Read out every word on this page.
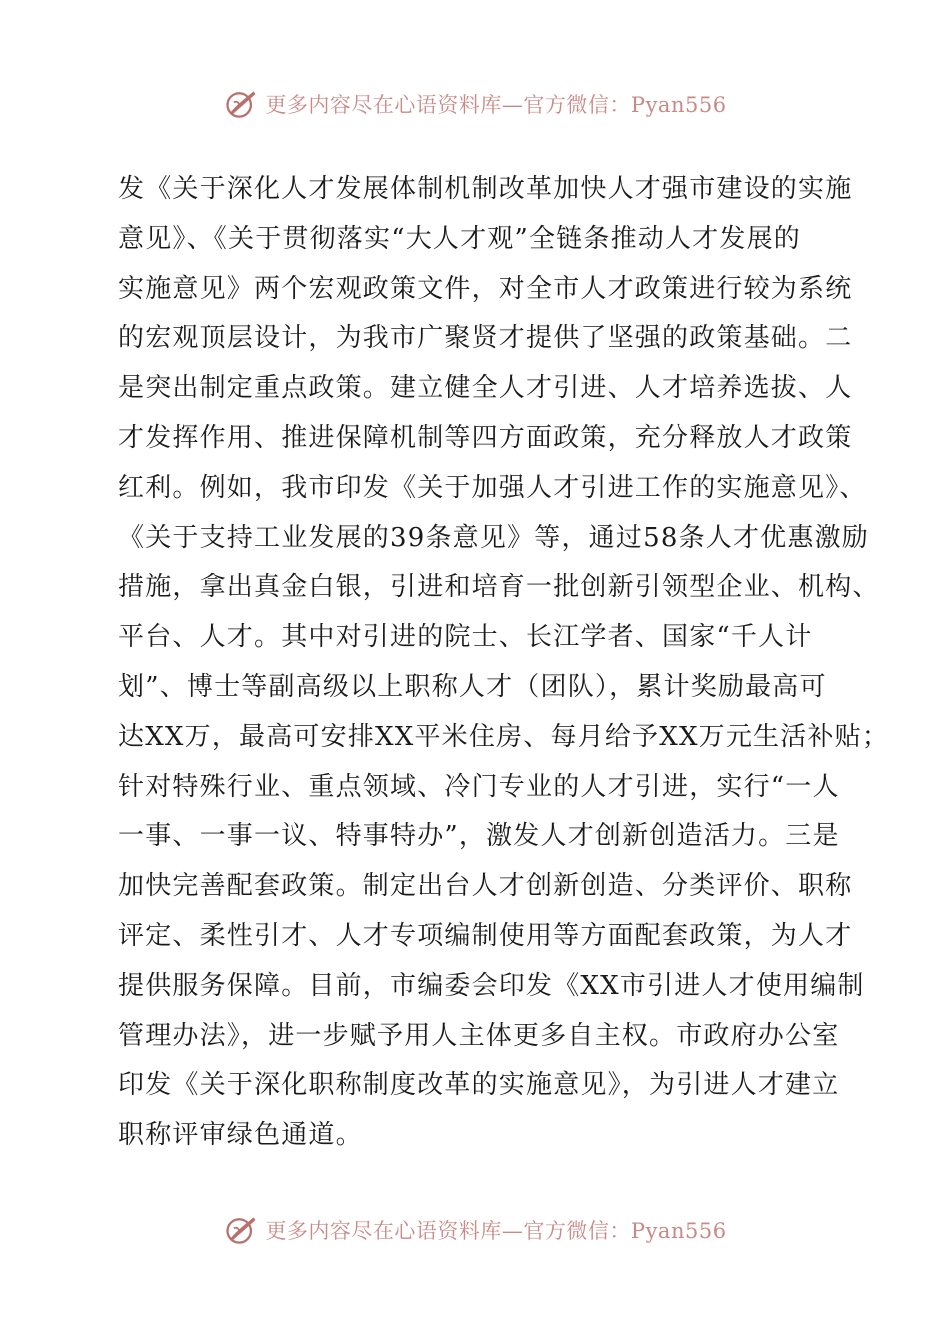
更多内容尽在心语资料库—官方微信：Pyan556
发《关于深化人才发展体制机制改革加快人才强市建设的实施
意见》、《关于贯彻落实“大人才观”全链条推动人才发展的
实施意见》两个宏观政策文件，对全市人才政策进行较为系统
的宏观顶层设计，为我市广聚贤才提供了坚强的政策基础。二
是突出制定重点政策。建立健全人才引进、人才培养选拔、人
才发挥作用、推进保障机制等四方面政策，充分释放人才政策
红利。例如，我市印发《关于加强人才引进工作的实施意见》、
《关于支持工业发展的39条意见》等，通过58条人才优惠激励
措施，拿出真金白银，引进和培育一批创新引领型企业、机构、
平台、人才。其中对引进的院士、长江学者、国家“千人计
划”、博士等副高级以上职称人才（团队），累计奖励最高可
达XX万，最高可安排XX平米住房、每月给予XX万元生活补贴；
针对特殊行业、重点领域、冷门专业的人才引进，实行“一人
一事、一事一议、特事特办”，激发人才创新创造活力。三是
加快完善配套政策。制定出台人才创新创造、分类评价、职称
评定、柔性引才、人才专项编制使用等方面配套政策，为人才
提供服务保障。目前，市编委会印发《XX市引进人才使用编制
管理办法》，进一步赋予用人主体更多自主权。市政府办公室
印发《关于深化职称制度改革的实施意见》，为引进人才建立
职称评审绿色通道。
更多内容尽在心语资料库—官方微信：Pyan556
